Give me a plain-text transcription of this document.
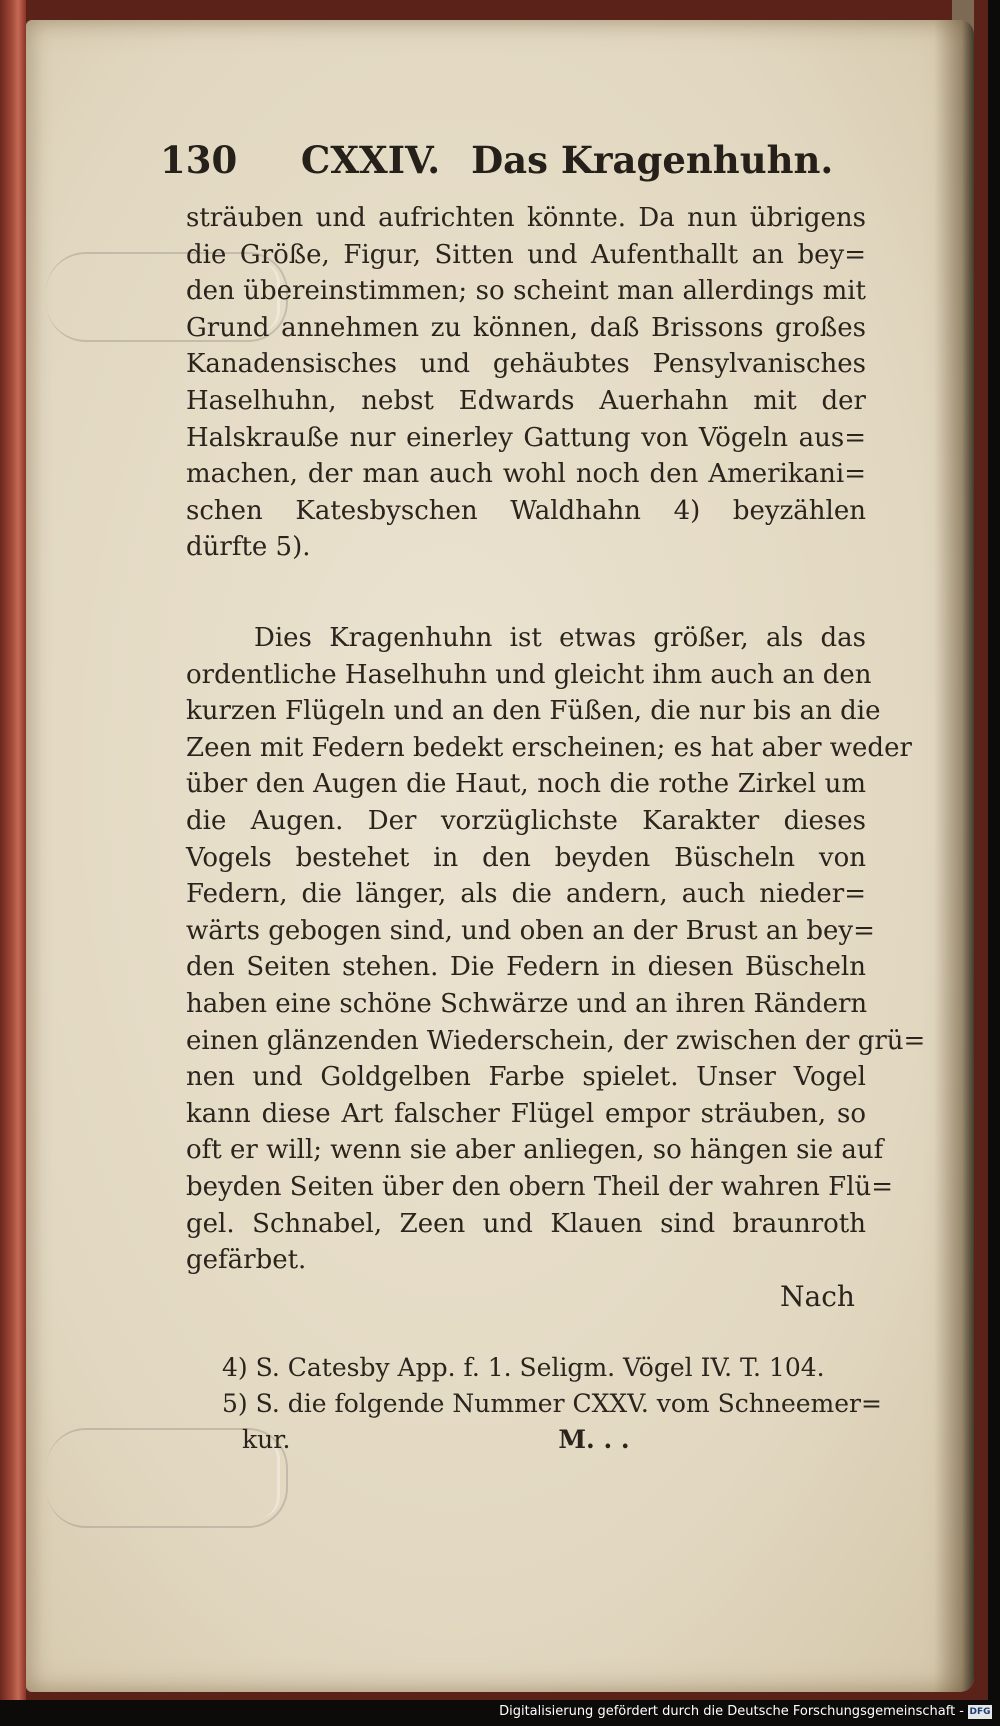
130 CXXIV. Das Kragenhuhn.
sträuben und aufrichten könnte. Da nun übrigens
die Größe, Figur, Sitten und Aufenthallt an bey=
den übereinstimmen; so scheint man allerdings mit
Grund annehmen zu können, daß Brissons großes
Kanadensisches und gehäubtes Pensylvanisches
Haselhuhn, nebst Edwards Auerhahn mit der
Halskrauße nur einerley Gattung von Vögeln aus=
machen, der man auch wohl noch den Amerikani=
schen Katesbyschen Waldhahn 4) beyzählen
dürfte 5).
Dies Kragenhuhn ist etwas größer, als das
ordentliche Haselhuhn und gleicht ihm auch an den
kurzen Flügeln und an den Füßen, die nur bis an die
Zeen mit Federn bedekt erscheinen; es hat aber weder
über den Augen die Haut, noch die rothe Zirkel um
die Augen. Der vorzüglichste Karakter dieses
Vogels bestehet in den beyden Büscheln von
Federn, die länger, als die andern, auch nieder=
wärts gebogen sind, und oben an der Brust an bey=
den Seiten stehen. Die Federn in diesen Büscheln
haben eine schöne Schwärze und an ihren Rändern
einen glänzenden Wiederschein, der zwischen der grü=
nen und Goldgelben Farbe spielet. Unser Vogel
kann diese Art falscher Flügel empor sträuben, so
oft er will; wenn sie aber anliegen, so hängen sie auf
beyden Seiten über den obern Theil der wahren Flü=
gel. Schnabel, Zeen und Klauen sind braunroth
gefärbet.
Nach
4) S. Catesby App. f. 1. Seligm. Vögel IV. T. 104.
5) S. die folgende Nummer CXXV. vom Schneemer=
kur.	M. . .
Digitalisierung gefördert durch die Deutsche Forschungsgemeinschaft - DFG
